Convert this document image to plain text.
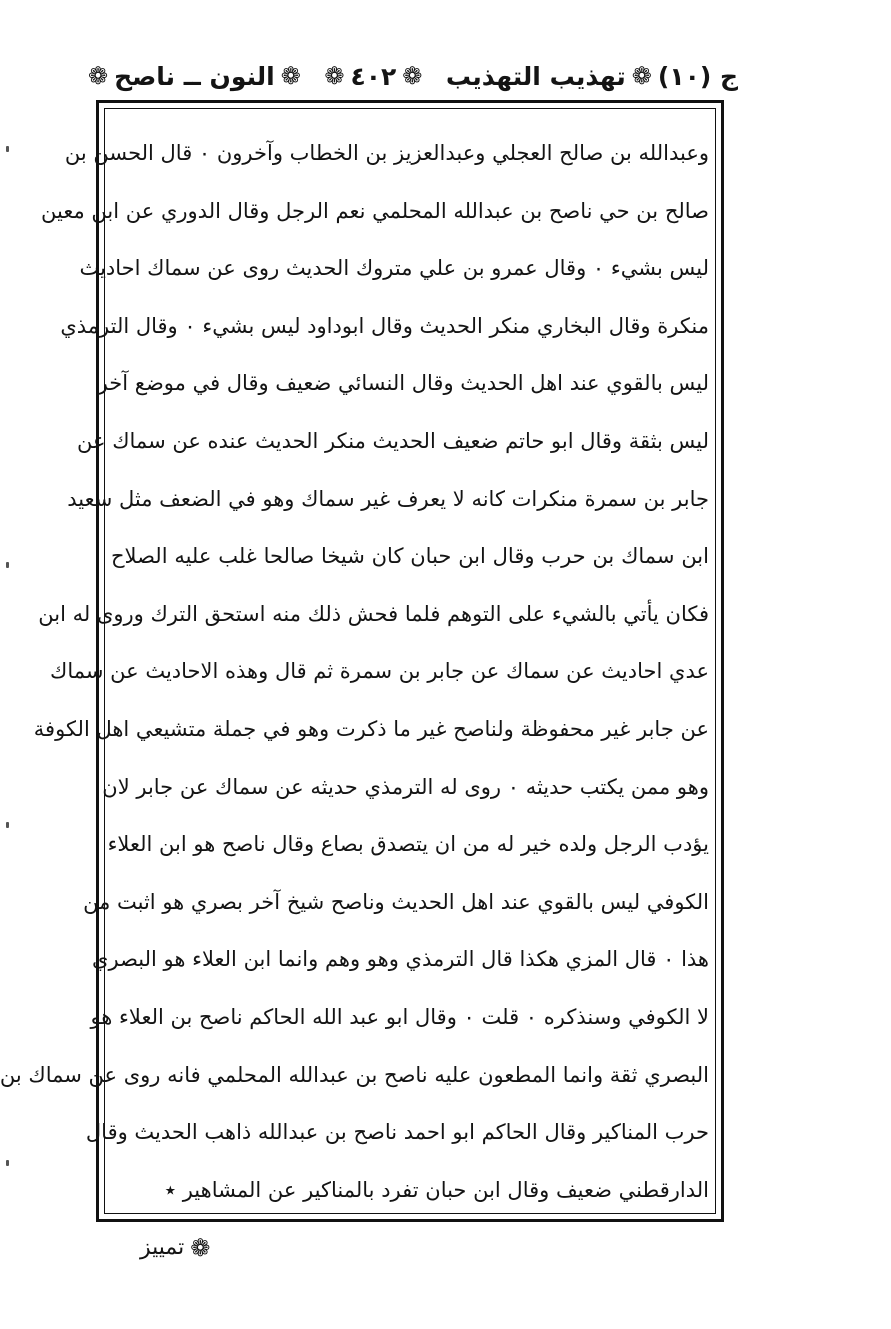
ج (١٠)
❁
تهذيب التهذيب
❁
٤٠٢
❁
❁
النون ــ ناصح
❁
وعبدالله بن صالح العجلي وعبدالعزيز بن الخطاب وآخرون ٠ قال الحسن بن
صالح بن حي ناصح بن عبدالله المحلمي نعم الرجل وقال الدوري عن ابن معين
ليس بشيء ٠ وقال عمرو بن علي متروك الحديث روى عن سماك احاديث
منكرة وقال البخاري منكر الحديث وقال ابوداود ليس بشيء ٠ وقال الترمذي
ليس بالقوي عند اهل الحديث وقال النسائي ضعيف وقال في موضع آخر
ليس بثقة وقال ابو حاتم ضعيف الحديث منكر الحديث عنده عن سماك عن
جابر بن سمرة منكرات كانه لا يعرف غير سماك وهو في الضعف مثل سعيد
ابن سماك بن حرب وقال ابن حبان كان شيخا صالحا غلب عليه الصلاح
فكان يأتي بالشيء على التوهم فلما فحش ذلك منه استحق الترك وروى له ابن
عدي احاديث عن سماك عن جابر بن سمرة ثم قال وهذه الاحاديث عن سماك
عن جابر غير محفوظة ولناصح غير ما ذكرت وهو في جملة متشيعي اهل الكوفة
وهو ممن يكتب حديثه ٠ روى له الترمذي حديثه عن سماك عن جابر لان
يؤدب الرجل ولده خير له من ان يتصدق بصاع وقال ناصح هو ابن العلاء
الكوفي ليس بالقوي عند اهل الحديث وناصح شيخ آخر بصري هو اثبت من
هذا ٠ قال المزي هكذا قال الترمذي وهو وهم وانما ابن العلاء هو البصري
لا الكوفي وسنذكره ٠ قلت ٠ وقال ابو عبد الله الحاكم ناصح بن العلاء هو
البصري ثقة وانما المطعون عليه ناصح بن عبدالله المحلمي فانه روى عن سماك بن
حرب المناكير وقال الحاكم ابو احمد ناصح بن عبدالله ذاهب الحديث وقال
الدارقطني ضعيف وقال ابن حبان تفرد بالمناكير عن المشاهير ٭
❁
تمييز
